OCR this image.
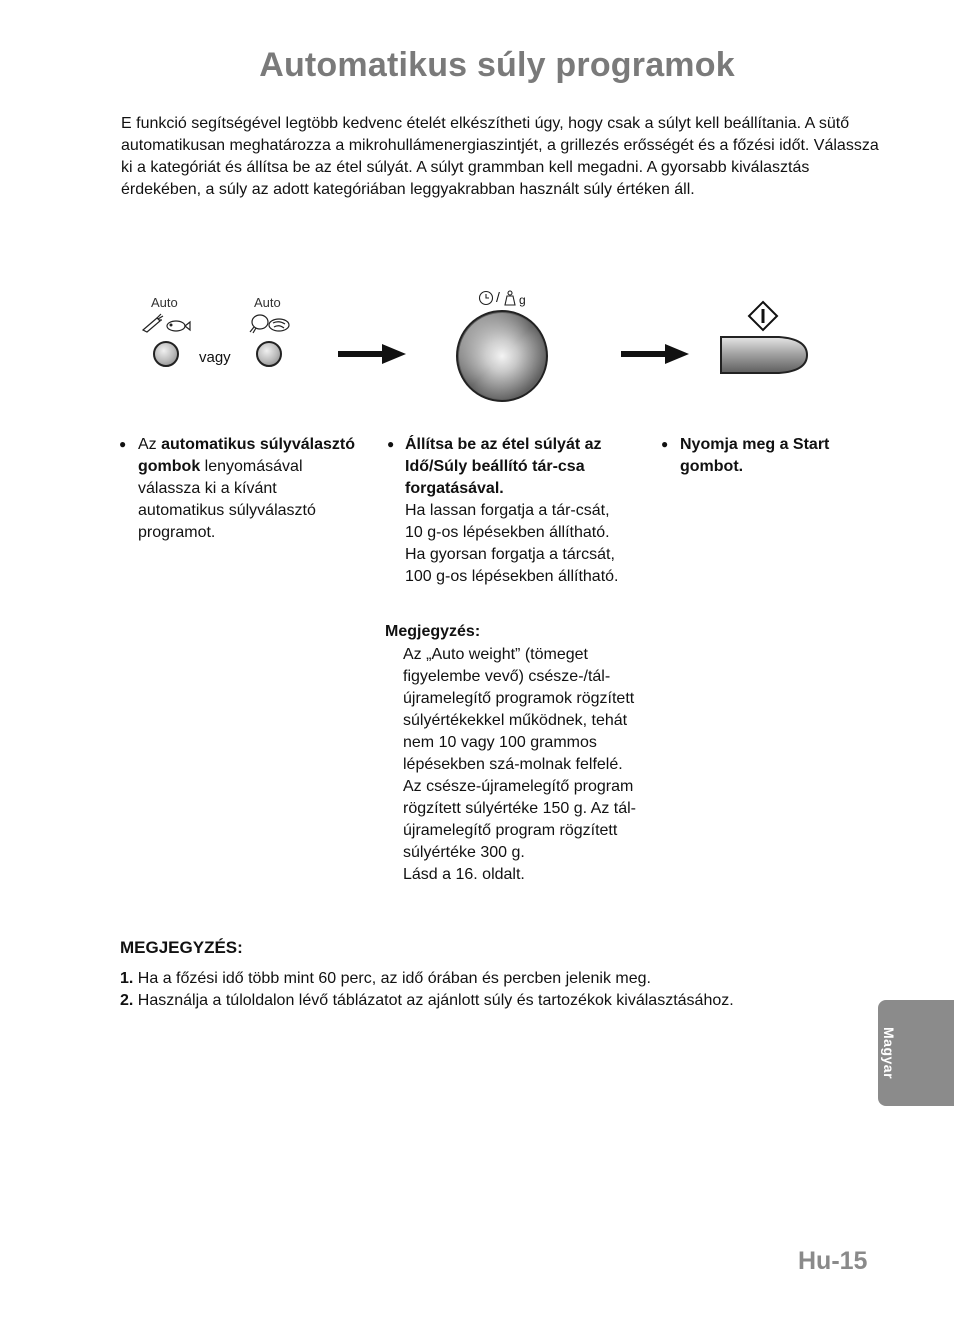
Automatikus súly programok

E funkció segítségével legtöbb kedvenc ételét elkészítheti úgy, hogy csak a súlyt kell beállítania. A sütő automatikusan meghatározza a mikrohullámenergiaszintjét, a grillezés erősségét és a főzési időt. Válassza ki a kategóriát és állítsa be az étel súlyát. A súlyt grammban kell megadni. A gyorsabb kiválasztás érdekében, a súly az adott kategóriában leggyakrabban használt súly értéken áll.

Auto	Auto
vagy
/ g
● Az automatikus súlyválasztó gombok lenyomásával válassza ki a kívánt automatikus súlyválasztó programot.

● Állítsa be az étel súlyát az Idő/Súly beállító tár-csa forgatásával.
Ha lassan forgatja a tár-csát, 10 g-os lépésekben állítható. Ha gyorsan forgatja a tárcsát, 100 g-os lépésekben állítható.

Megjegyzés:

Az „Auto weight” (tömeget figyelembe vevő) csésze-/tál-újramelegítő programok rögzített súlyértékekkel működnek, tehát nem 10 vagy 100 grammos lépésekben szá-molnak felfelé. Az csésze-újramelegítő program rögzített súlyértéke 150 g. Az tál-újramelegítő program rögzített súlyértéke 300 g.
Lásd a 16. oldalt.

● Nyomja meg a Start gombot.

MEGJEGYZÉS:
1. Ha a főzési idő több mint 60 perc, az idő órában és percben jelenik meg.
2. Használja a túloldalon lévő táblázatot az ajánlott súly és tartozékok kiválasztásához.
Magyar
Hu-15
